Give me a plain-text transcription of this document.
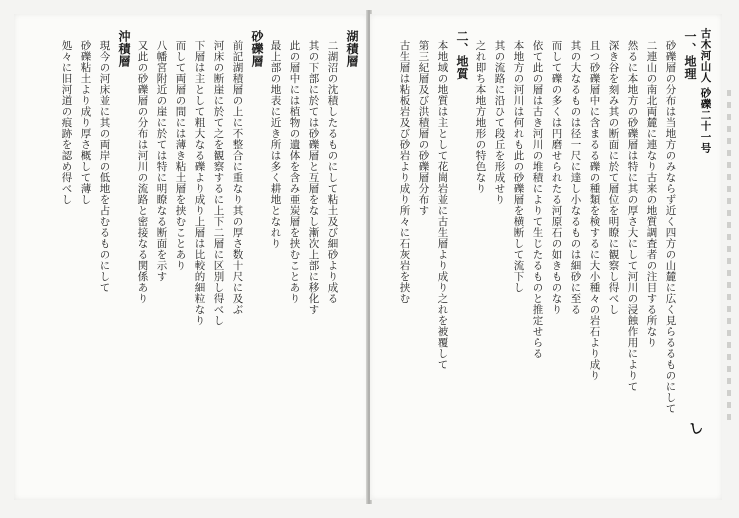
し
古木河山人 砂礫二十一号
一、地理
砂礫層の分布は当地方のみならず近く四方の山麓に広く見らるるものにして
二連山の南北両麓に連なり古来の地質調査者の注目する所なり
然るに本地方の砂礫層は特に其の厚さ大にして河川の浸蝕作用によりて
深き谷を刻み其の断面に於て層位を明瞭に観察し得べし
且つ砂礫層中に含まるる礫の種類を検するに大小種々の岩石より成り
其の大なるものは径一尺に達し小なるものは細砂に至る
而して礫の多くは円磨せられたる河原石の如きものなり
依て此の層は古き河川の堆積によりて生じたるものと推定せらる
本地方の河川は何れも此の砂礫層を横断して流下し
其の流路に沿ひて段丘を形成せり
之れ即ち本地方地形の特色なり
二、地質
本地域の地質は主として花崗岩並に古生層より成り之れを被覆して
第三紀層及び洪積層の砂礫層分布す
古生層は粘板岩及び砂岩より成り所々に石灰岩を挟む
湖積層
二湖沼の沈積したるものにして粘土及び細砂より成る
其の下部に於ては砂礫層と互層をなし漸次上部に移化す
此の層中には植物の遺体を含み亜炭層を挟むことあり
最上部の地表に近き所は多く耕地となれり
砂礫層
前記湖積層の上に不整合に重なり其の厚さ数十尺に及ぶ
河床の断崖に於て之を観察するに上下二層に区別し得べし
下層は主として粗大なる礫より成り上層は比較的細粒なり
而して両層の間には薄き粘土層を挟むことあり
八幡宮附近の崖に於ては特に明瞭なる断面を示す
又此の砂礫層の分布は河川の流路と密接なる関係あり
沖積層
現今の河床並に其の両岸の低地を占むるものにして
砂礫粘土より成り厚さ概して薄し
処々に旧河道の痕跡を認め得べし
